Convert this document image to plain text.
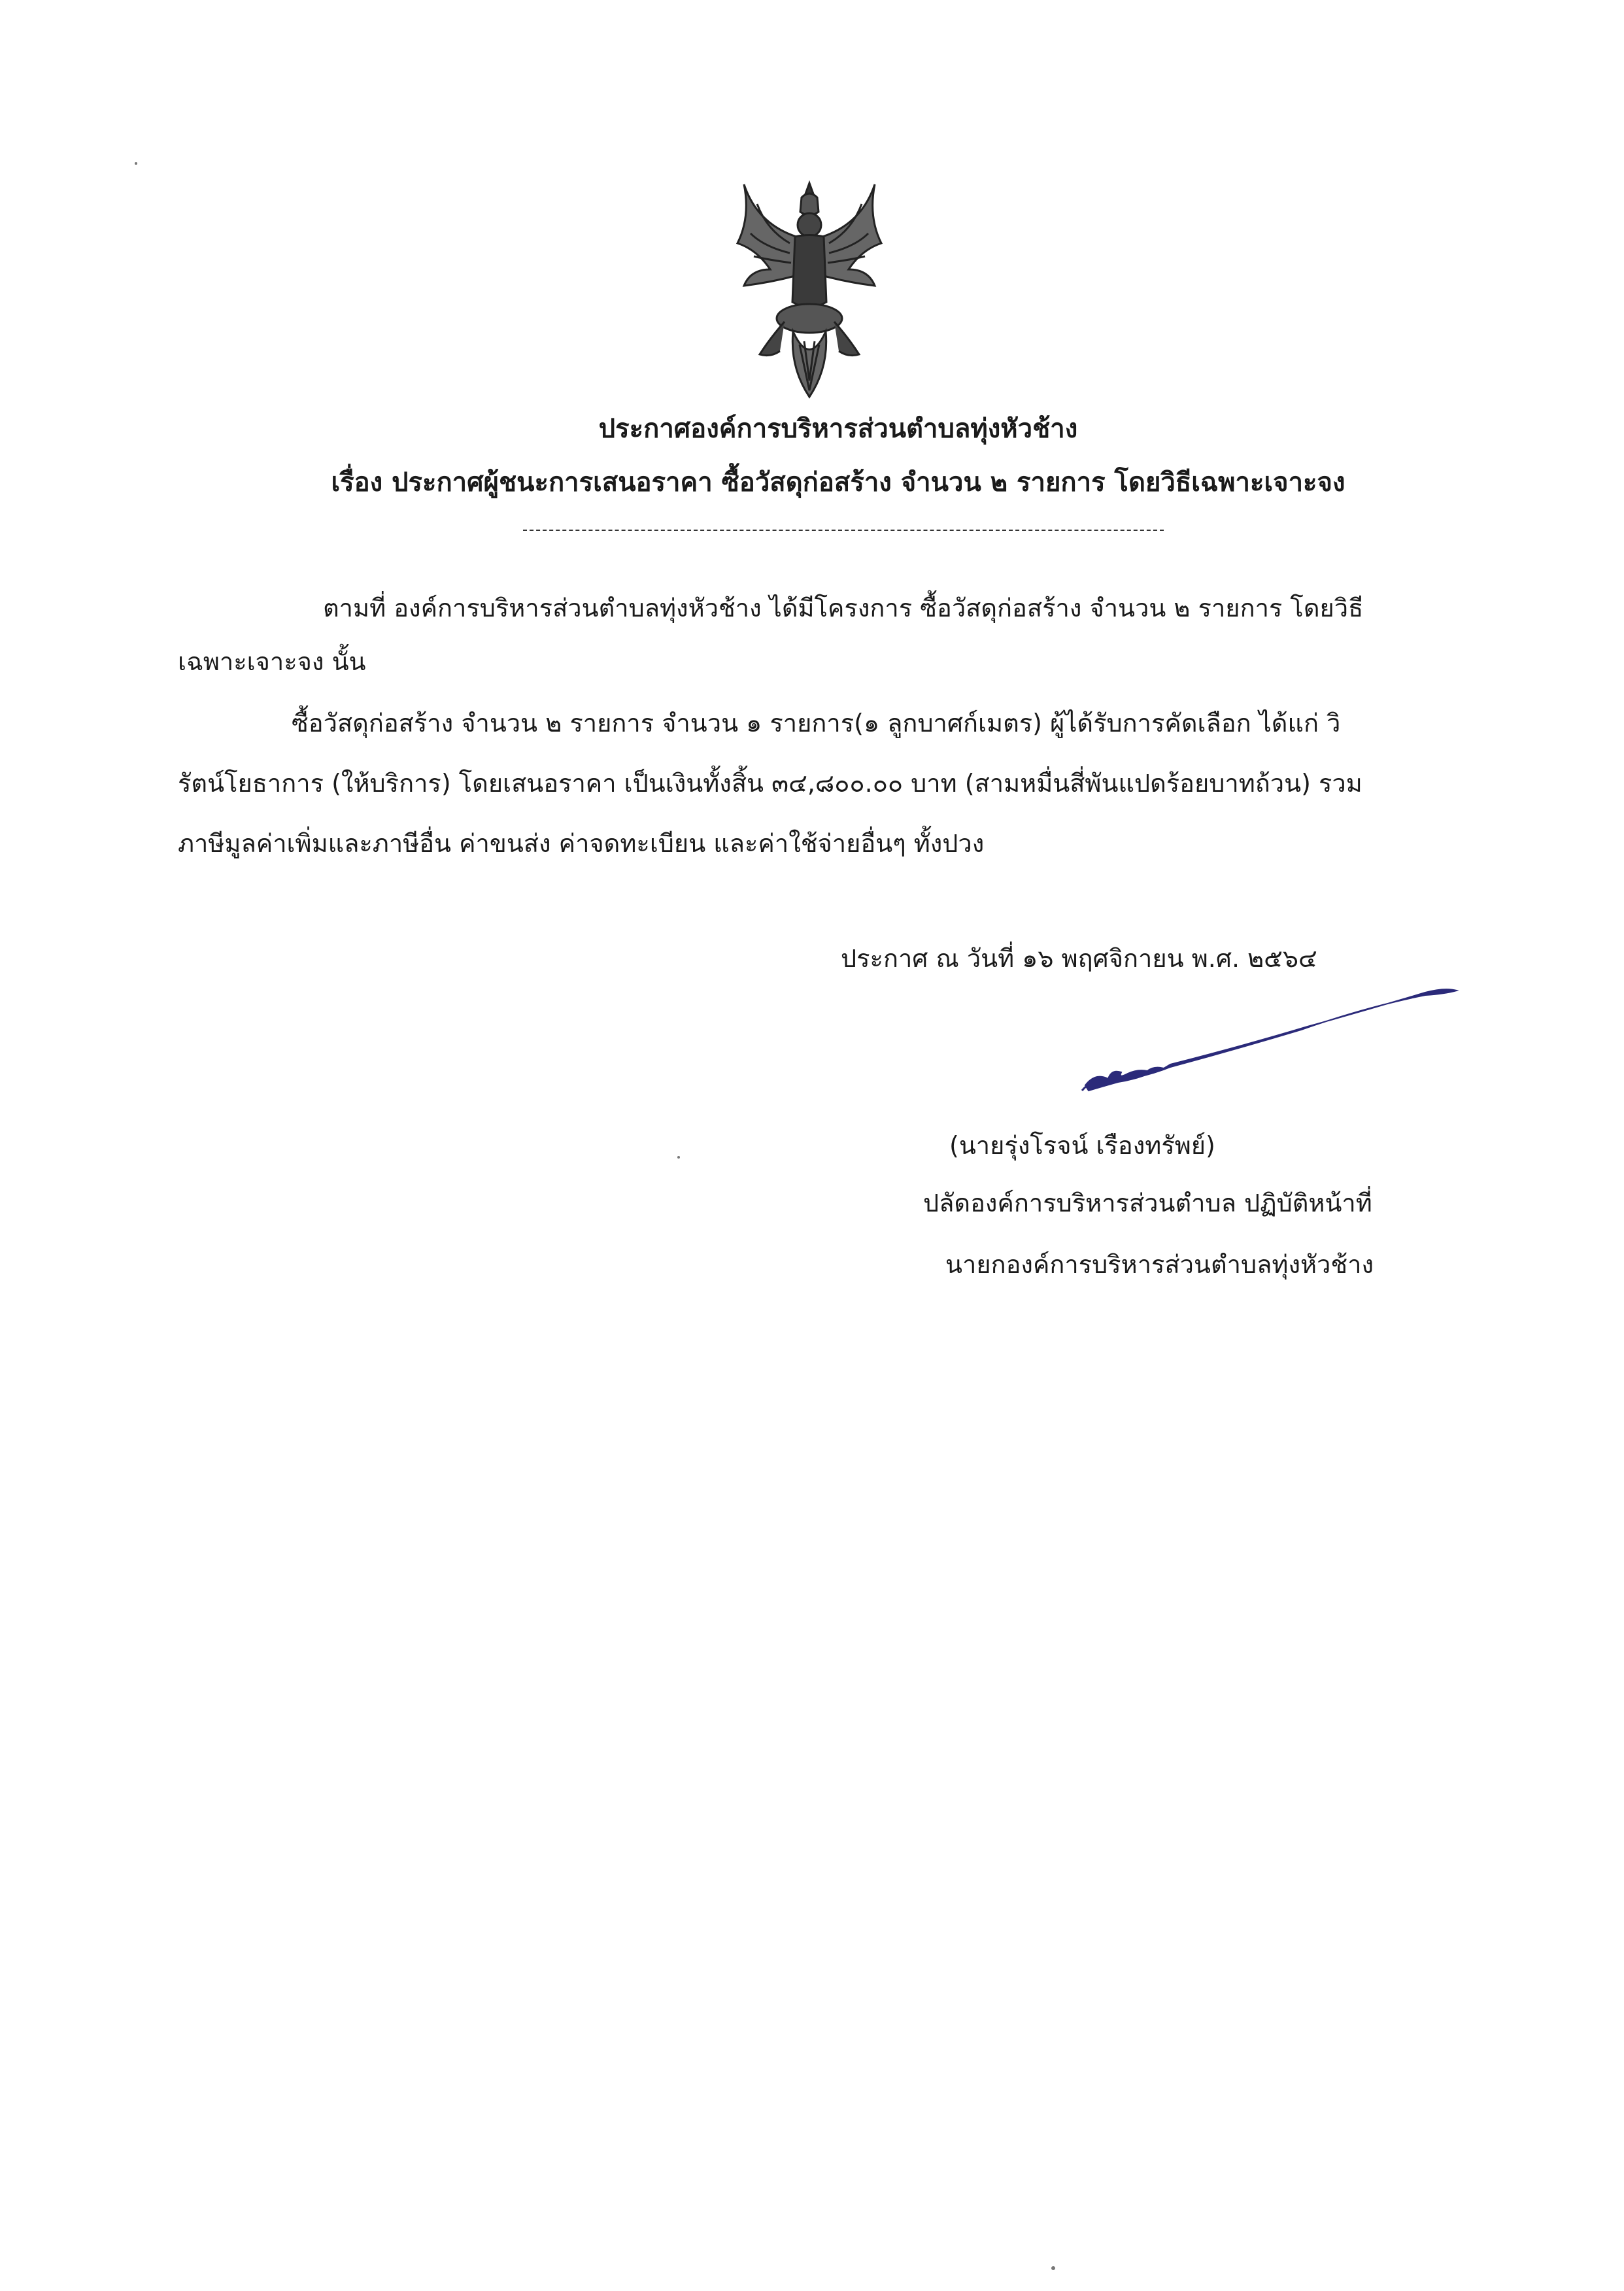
ประกาศองค์การบริหารส่วนตำบลทุ่งหัวช้าง
เรื่อง ประกาศผู้ชนะการเสนอราคา ซื้อวัสดุก่อสร้าง จำนวน ๒ รายการ โดยวิธีเฉพาะเจาะจง
ตามที่ องค์การบริหารส่วนตำบลทุ่งหัวช้าง ได้มีโครงการ ซื้อวัสดุก่อสร้าง จำนวน ๒ รายการ โดยวิธี
เฉพาะเจาะจง นั้น
ซื้อวัสดุก่อสร้าง จำนวน ๒ รายการ จำนวน ๑ รายการ(๑ ลูกบาศก์เมตร) ผู้ได้รับการคัดเลือก ได้แก่ วิ
รัตน์โยธาการ (ให้บริการ) โดยเสนอราคา เป็นเงินทั้งสิ้น ๓๔,๘๐๐.๐๐ บาท (สามหมื่นสี่พันแปดร้อยบาทถ้วน) รวม
ภาษีมูลค่าเพิ่มและภาษีอื่น ค่าขนส่ง ค่าจดทะเบียน และค่าใช้จ่ายอื่นๆ ทั้งปวง
ประกาศ ณ วันที่ ๑๖ พฤศจิกายน พ.ศ. ๒๕๖๔
(นายรุ่งโรจน์ เรืองทรัพย์)
ปลัดองค์การบริหารส่วนตำบล ปฏิบัติหน้าที่
นายกองค์การบริหารส่วนตำบลทุ่งหัวช้าง
